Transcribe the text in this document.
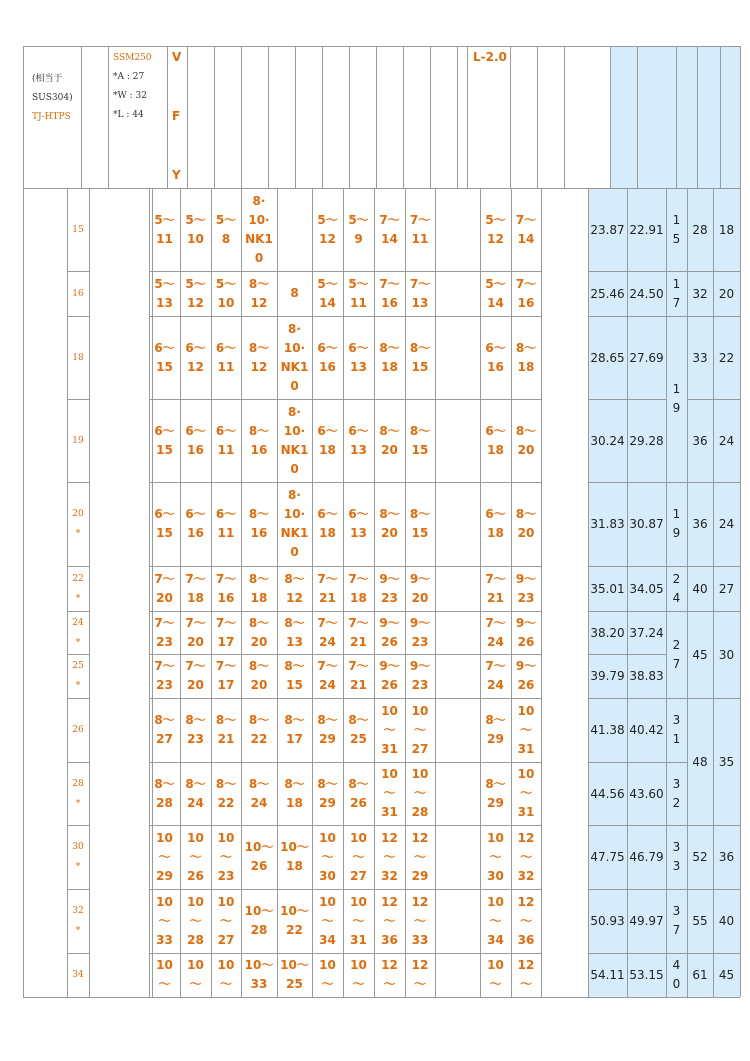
(相当于
SUS304)
TJ-HTPS
SSM250
*A : 27
*W : 32
*L : 44
V
F
Y
L-2.0
15
5～
11
5～
10
5～
8
8·
10·
NK1
0
5～
12
5～
9
7～
14
7～
11
5～
12
7～
14
23.87 22.91
16
5～
13
5～
12
5～
10
8～
12
8
5～
14
5～
11
7～
16
7～
13
5～
14
7～
16
25.46 24.50
18
6～
15
6～
12
6～
11
8～
12
8·
10·
NK1
0
6～
16
6～
13
8～
18
8～
15
6～
16
8～
18
28.65 27.69
19
6～
15
6～
16
6～
11
8～
16
8·
10·
NK1
0
6～
18
6～
13
8～
20
8～
15
6～
18
8～
20
30.24 29.28
20
*
6～
15
6～
16
6～
11
8～
16
8·
10·
NK1
0
6～
18
6～
13
8～
20
8～
15
6～
18
8～
20
31.83 30.87
22
*
7～
20
7～
18
7～
16
8～
18
8～
12
7～
21
7～
18
9～
23
9～
20
7～
21
9～
23
35.01 34.05
24
*
7～
23
7～
20
7～
17
8～
20
8～
13
7～
24
7～
21
9～
26
9～
23
7～
24
9～
26
38.20 37.24
25
*
7～
23
7～
20
7～
17
8～
20
8～
15
7～
24
7～
21
9～
26
9～
23
7～
24
9～
26
39.79 38.83
26
8～
27
8～
23
8～
21
8～
22
8～
17
8～
29
8～
25
10
～
31
10
～
27
8～
29
10
～
31
41.38 40.42
28
*
8～
28
8～
24
8～
22
8～
24
8～
18
8～
29
8～
26
10
～
31
10
～
28
8～
29
10
～
31
44.56 43.60
30
*
10
～
29
10
～
26
10
～
23
10～
26
10～
18
10
～
30
10
～
27
12
～
32
12
～
29
10
～
30
12
～
32
47.75 46.79
32
*
10
～
33
10
～
28
10
～
27
10～
28
10～
22
10
～
34
10
～
31
12
～
36
12
～
33
10
～
34
12
～
36
50.93 49.97
34
10
～
10
～
10
～
10～
33
10～
25
10
～
10
～
12
～
12
～
10
～
12
～
54.11 53.15
1
5
1
7
1
9
1
9
2
4
2
7
3
1
3
2
3
3
3
7
4
0
28 18
32 20
33 22
36 24
36 24
40 27
45 30
48 35
52 36
55 40
61 45
